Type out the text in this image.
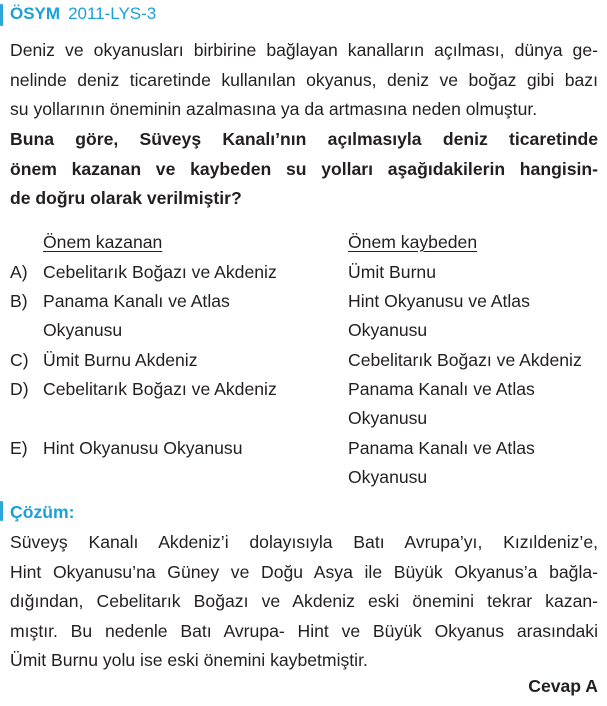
ÖSYM 2011-LYS-3
Deniz ve okyanusları birbirine bağlayan kanalların açılması, dünya ge-
nelinde deniz ticaretinde kullanılan okyanus, deniz ve boğaz gibi bazı
su yollarının öneminin azalmasına ya da artmasına neden olmuştur.
Buna göre, Süveyş Kanalı’nın açılmasıyla deniz ticaretinde
önem kazanan ve kaybeden su yolları aşağıdakilerin hangisin-
de doğru olarak verilmiştir?
Önem kazanan	Önem kaybeden
A) Cebelitarık Boğazı ve Akdeniz	Ümit Burnu
B) Panama Kanalı ve Atlas	Hint Okyanusu ve Atlas
Okyanusu	Okyanusu
C) Ümit Burnu Akdeniz	Cebelitarık Boğazı ve Akdeniz
D) Cebelitarık Boğazı ve Akdeniz	Panama Kanalı ve Atlas
Okyanusu
E) Hint Okyanusu Okyanusu	Panama Kanalı ve Atlas
Okyanusu
Çözüm:
Süveyş Kanalı Akdeniz’i dolayısıyla Batı Avrupa’yı, Kızıldeniz’e,
Hint Okyanusu’na Güney ve Doğu Asya ile Büyük Okyanus’a bağla-
dığından, Cebelitarık Boğazı ve Akdeniz eski önemini tekrar kazan-
mıştır. Bu nedenle Batı Avrupa- Hint ve Büyük Okyanus arasındaki
Ümit Burnu yolu ise eski önemini kaybetmiştir.
Cevap A
